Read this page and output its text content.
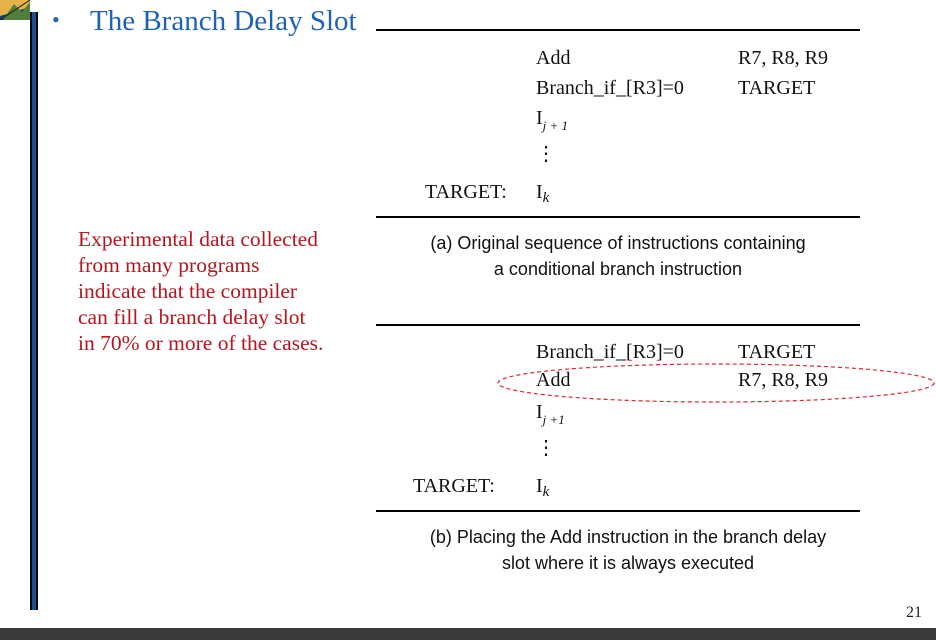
• The Branch Delay Slot
Experimental data collected
from many programs
indicate that the compiler
can fill a branch delay slot
in 70% or more of the cases.
Add	R7, R8, R9
Branch_if_[R3]=0	TARGET
$I_{j + 1}$
⋮
TARGET: $I_k$
(a) Original sequence of instructions containing
a conditional branch instruction
Branch_if_[R3]=0	TARGET
Add	R7, R8, R9
$I_{j +1}$
⋮
TARGET: $I_k$
(b) Placing the Add instruction in the branch delay
slot where it is always executed
21
